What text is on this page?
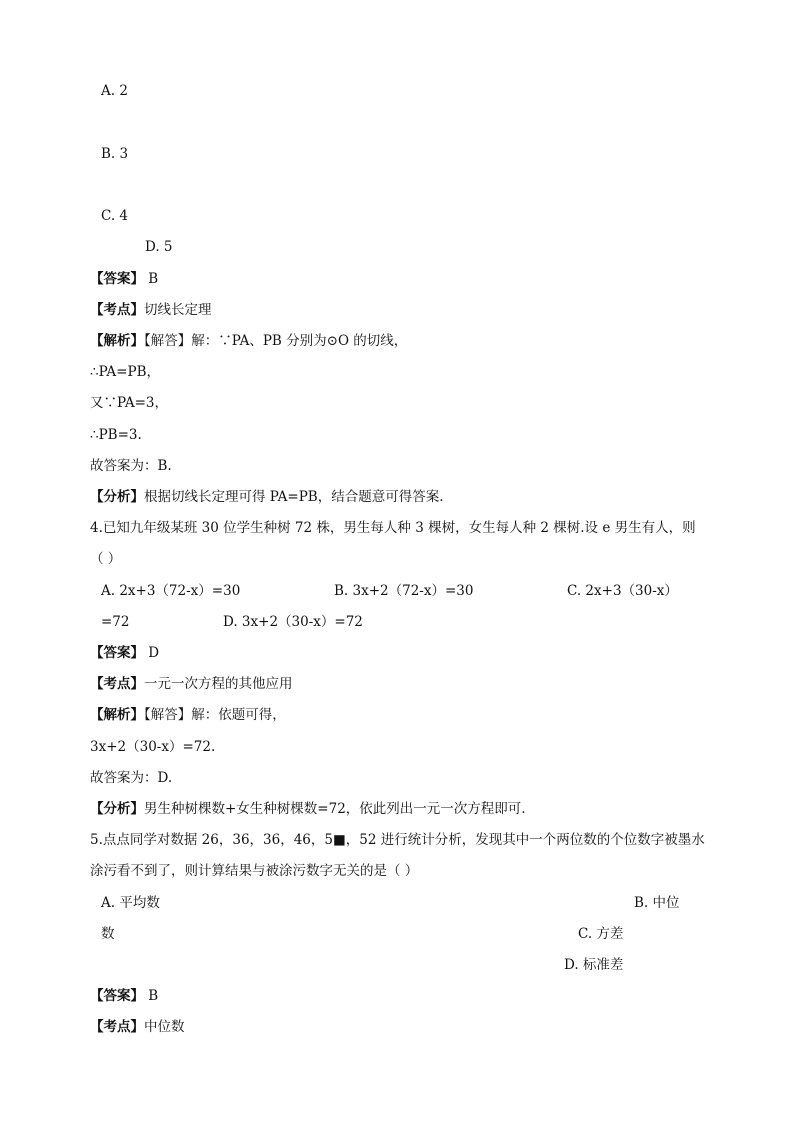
A. 2
B. 3
C. 4
D. 5
【答案】 B
【考点】切线长定理
【解析】【解答】解：∵PA、PB 分别为⊙O 的切线，
∴PA=PB，
又∵PA=3，
∴PB=3.
故答案为：B.
【分析】根据切线长定理可得 PA=PB，结合题意可得答案.
4.已知九年级某班 30 位学生种树 72 株，男生每人种 3 棵树，女生每人种 2 棵树.设 e 男生有人，则
（ ）
A. 2x+3（72-x）=30	B. 3x+2（72-x）=30	C. 2x+3（30-x）
=72	D. 3x+2（30-x）=72
【答案】 D
【考点】一元一次方程的其他应用
【解析】【解答】解：依题可得，
3x+2（30-x）=72.
故答案为：D.
【分析】男生种树棵数+女生种树棵数=72，依此列出一元一次方程即可.
5.点点同学对数据 26，36，36，46，5■，52 进行统计分析，发现其中一个两位数的个位数字被墨水
涂污看不到了，则计算结果与被涂污数字无关的是（ ）
A. 平均数	B. 中位
数	C. 方差
D. 标准差
【答案】 B
【考点】中位数
